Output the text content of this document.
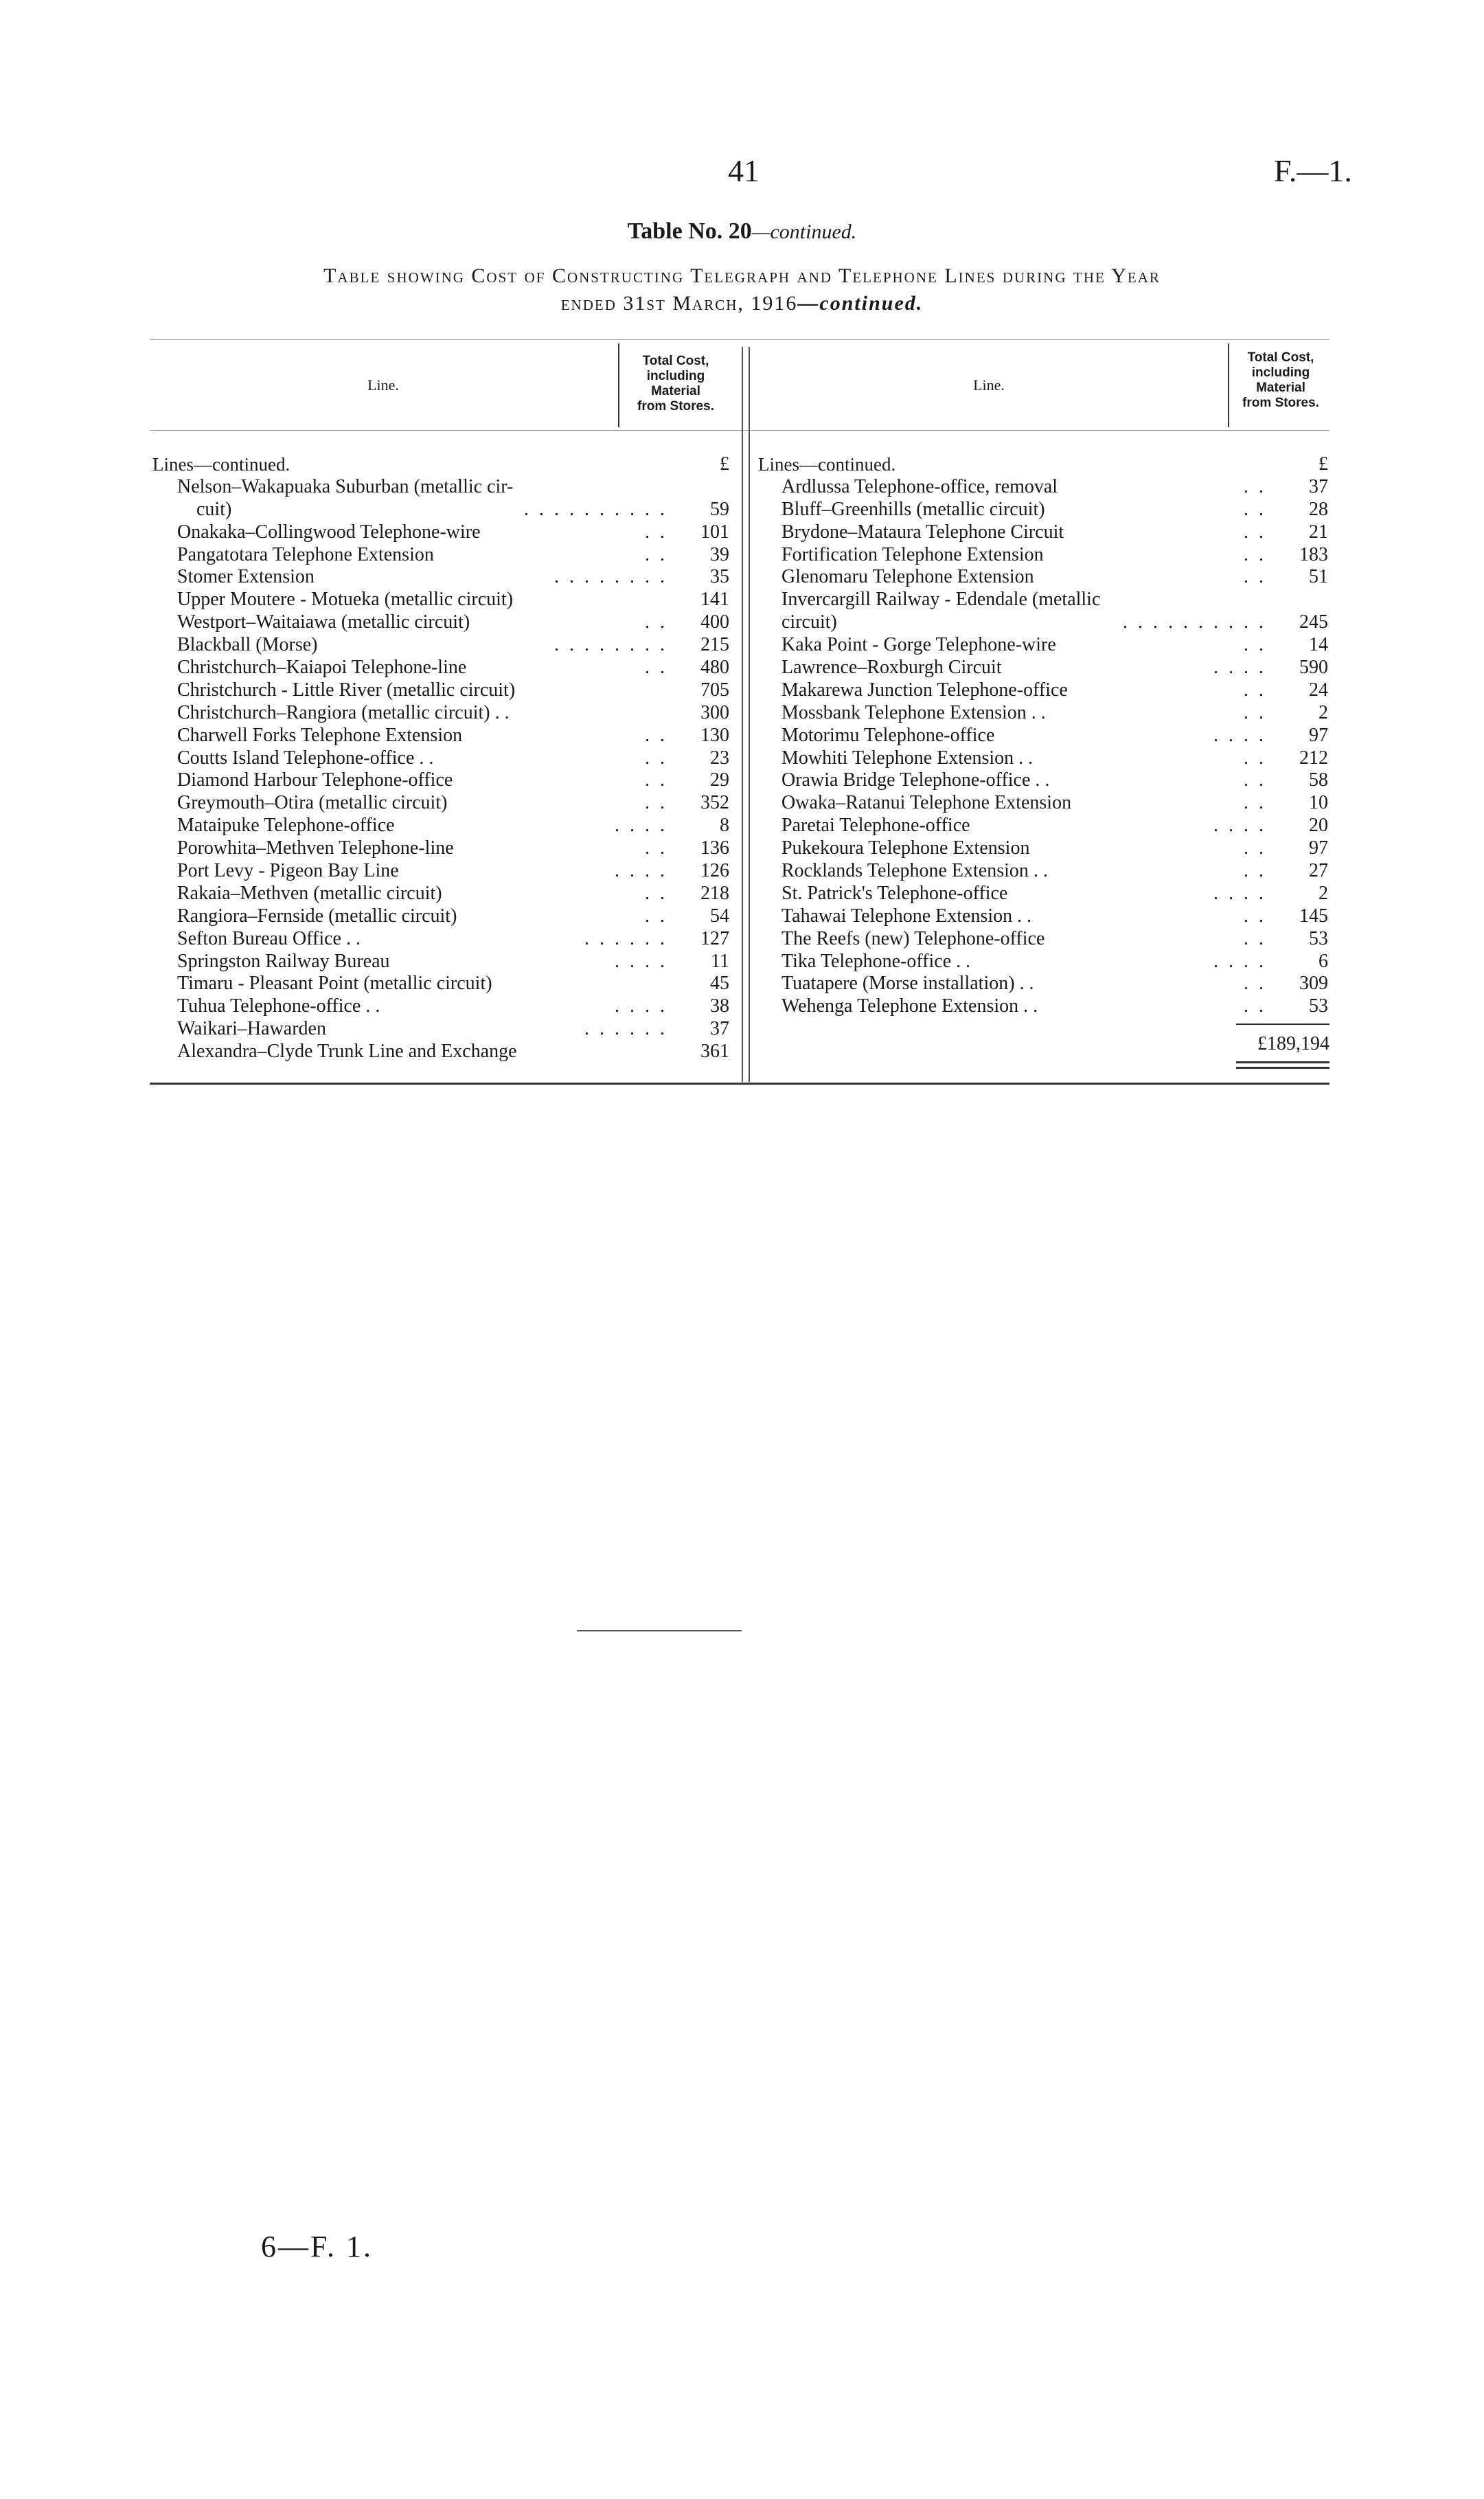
41	F.—1.
Table No. 20—continued.
Table showing Cost of Constructing Telegraph and Telephone Lines during the Year
ended 31st March, 1916—continued.
Line.
Total Cost,
including
Material
from Stores.
Line.
Total Cost,
including
Material
from Stores.
Lines—continued.	£
Nelson–Wakapuaka Suburban (metallic cir-
cuit)	. . . . . . . . . . 59
Onakaka–Collingwood Telephone-wire	. . 101
Pangatotara Telephone Extension	. . 39
Stomer Extension	. . . . . . . . 35
Upper Moutere - Motueka (metallic circuit)	141
Westport–Waitaiawa (metallic circuit)	. . 400
Blackball (Morse)	. . . . . . . . 215
Christchurch–Kaiapoi Telephone-line	. . 480
Christchurch - Little River (metallic circuit)	705
Christchurch–Rangiora (metallic circuit) . .	300
Charwell Forks Telephone Extension	. . 130
Coutts Island Telephone-office . .	. . 23
Diamond Harbour Telephone-office	. . 29
Greymouth–Otira (metallic circuit)	. . 352
Mataipuke Telephone-office	. . . .	8
Porowhita–Methven Telephone-line	. . 136
Port Levy - Pigeon Bay Line	. . . . 126
Rakaia–Methven (metallic circuit)	. . 218
Rangiora–Fernside (metallic circuit)	. . 54
Sefton Bureau Office . .	. . . . . . 127
Springston Railway Bureau	. . . . 11
Timaru - Pleasant Point (metallic circuit)	45
Tuhua Telephone-office . .	. . . . 38
Waikari–Hawarden	. . . . . . 37
Alexandra–Clyde Trunk Line and Exchange	361
Lines—continued.	£
Ardlussa Telephone-office, removal	. . 37
Bluff–Greenhills (metallic circuit)	. . 28
Brydone–Mataura Telephone Circuit	. . 21
Fortification Telephone Extension	. . 183
Glenomaru Telephone Extension	. . 51
Invercargill Railway - Edendale (metallic
circuit)	. . . . . . . . . . 245
Kaka Point - Gorge Telephone-wire	. . 14
Lawrence–Roxburgh Circuit	. . . . 590
Makarewa Junction Telephone-office	. . 24
Mossbank Telephone Extension . .	. .	2
Motorimu Telephone-office	. . . . 97
Mowhiti Telephone Extension . .	. . 212
Orawia Bridge Telephone-office . .	. . 58
Owaka–Ratanui Telephone Extension	. . 10
Paretai Telephone-office	. . . . 20
Pukekoura Telephone Extension	. . 97
Rocklands Telephone Extension . .	. . 27
St. Patrick's Telephone-office	. . . .	2
Tahawai Telephone Extension . .	. . 145
The Reefs (new) Telephone-office	. . 53
Tika Telephone-office . .	. . . .	6
Tuatapere (Morse installation) . .	. . 309
Wehenga Telephone Extension . .	. . 53
£189,194
6—F. 1.
